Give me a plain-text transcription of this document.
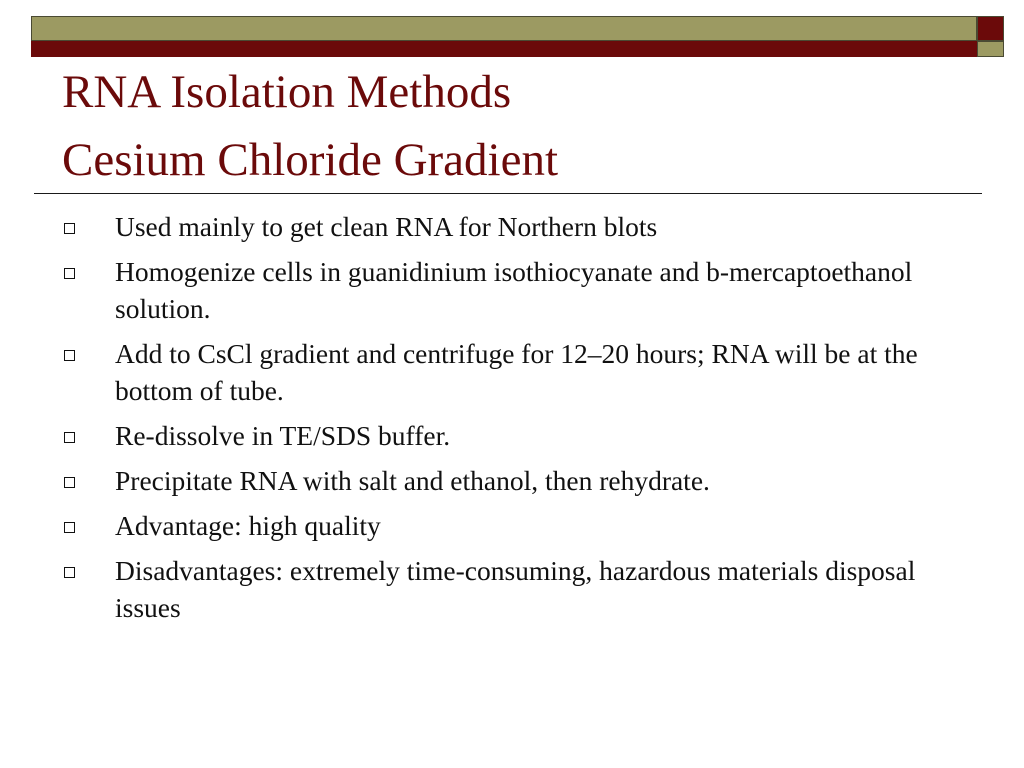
RNA Isolation Methods
Cesium Chloride Gradient
Used mainly to get clean RNA for Northern blots
Homogenize cells in guanidinium isothiocyanate and b-mercaptoethanol solution.
Add to CsCl gradient and centrifuge for 12–20 hours; RNA will be at the bottom of tube.
Re-dissolve in TE/SDS buffer.
Precipitate RNA with salt and ethanol, then rehydrate.
Advantage: high quality
Disadvantages: extremely time-consuming, hazardous materials disposal issues
